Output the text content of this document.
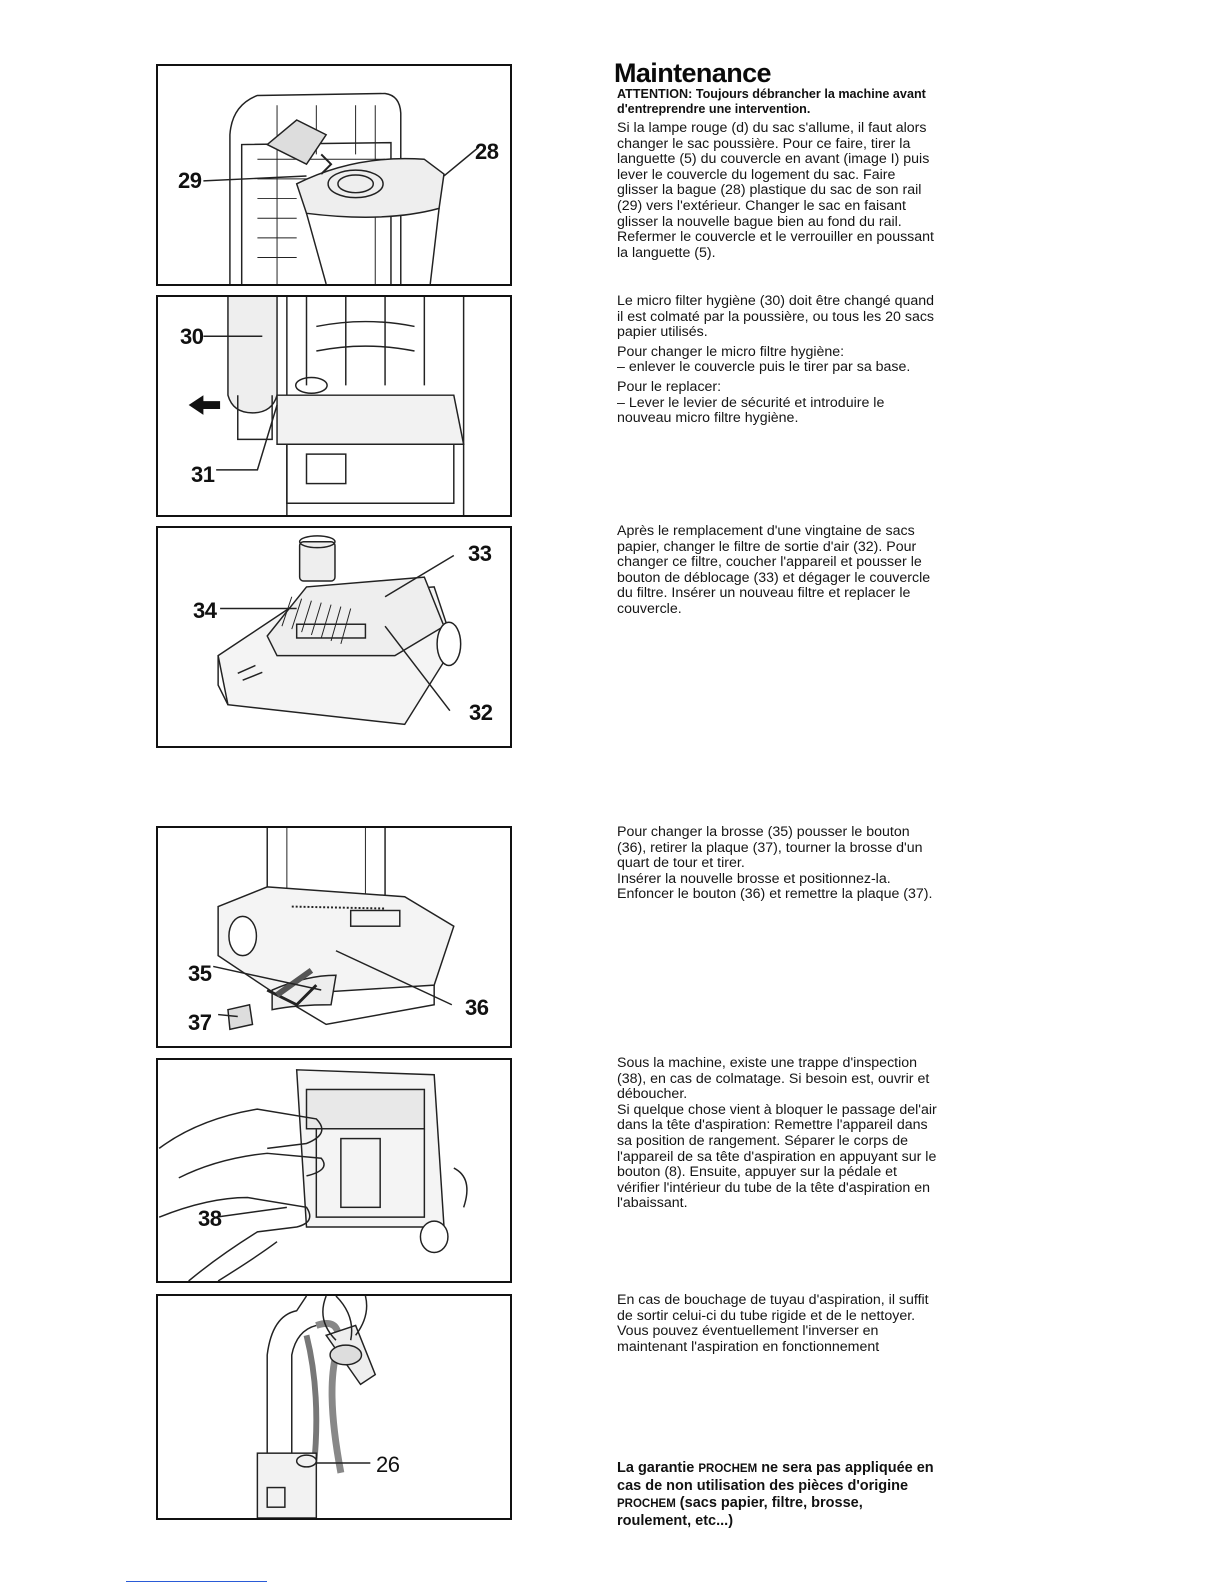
29
28
30
31
33
34
32
35
36
37
38
26
Maintenance
ATTENTION: Toujours débrancher la machine avant d'entreprendre une intervention.

Si la lampe rouge (d) du sac s'allume, il faut alors changer le sac poussière. Pour ce faire, tirer la languette (5) du couvercle en avant (image I) puis lever le couvercle du logement du sac. Faire glisser la bague (28) plastique du sac de son rail (29) vers l'extérieur. Changer le sac en faisant glisser la nouvelle bague bien au fond du rail. Refermer le couvercle et le verrouiller en poussant la languette (5).

Le micro filter hygiène (30) doit être changé quand il est colmaté par la poussière, ou tous les 20 sacs papier utilisés.

Pour changer le micro filtre hygiène:

– enlever le couvercle puis le tirer par sa base.

Pour le replacer:

– Lever le levier de sécurité et introduire le nouveau micro filtre hygiène.

Après le remplacement d'une vingtaine de sacs papier, changer le filtre de sortie d'air (32). Pour changer ce filtre, coucher l'appareil et pousser le bouton de déblocage (33) et dégager le couvercle du filtre. Insérer un nouveau filtre et replacer le couvercle.

Pour changer la brosse (35) pousser le bouton (36), retirer la plaque (37), tourner la brosse d'un quart de tour et tirer.

Insérer la nouvelle brosse et positionnez-la. Enfoncer le bouton (36) et remettre la plaque (37).

Sous la machine, existe une trappe d'inspection (38), en cas de colmatage. Si besoin est, ouvrir et déboucher.

Si quelque chose vient à bloquer le passage del'air dans la tête d'aspiration: Remettre l'appareil dans sa position de rangement. Séparer le corps de l'appareil de sa tête d'aspiration en appuyant sur le bouton (8). Ensuite, appuyer sur la pédale et vérifier l'intérieur du tube de la tête d'aspiration en l'abaissant.

En cas de bouchage de tuyau d'aspiration, il suffit de sortir celui-ci du tube rigide et de le nettoyer. Vous pouvez éventuellement l'inverser en maintenant l'aspiration en fonctionnement

La garantie PROCHEM ne sera pas appliquée en cas de non utilisation des pièces d'origine PROCHEM (sacs papier, filtre, brosse, roulement, etc...)
